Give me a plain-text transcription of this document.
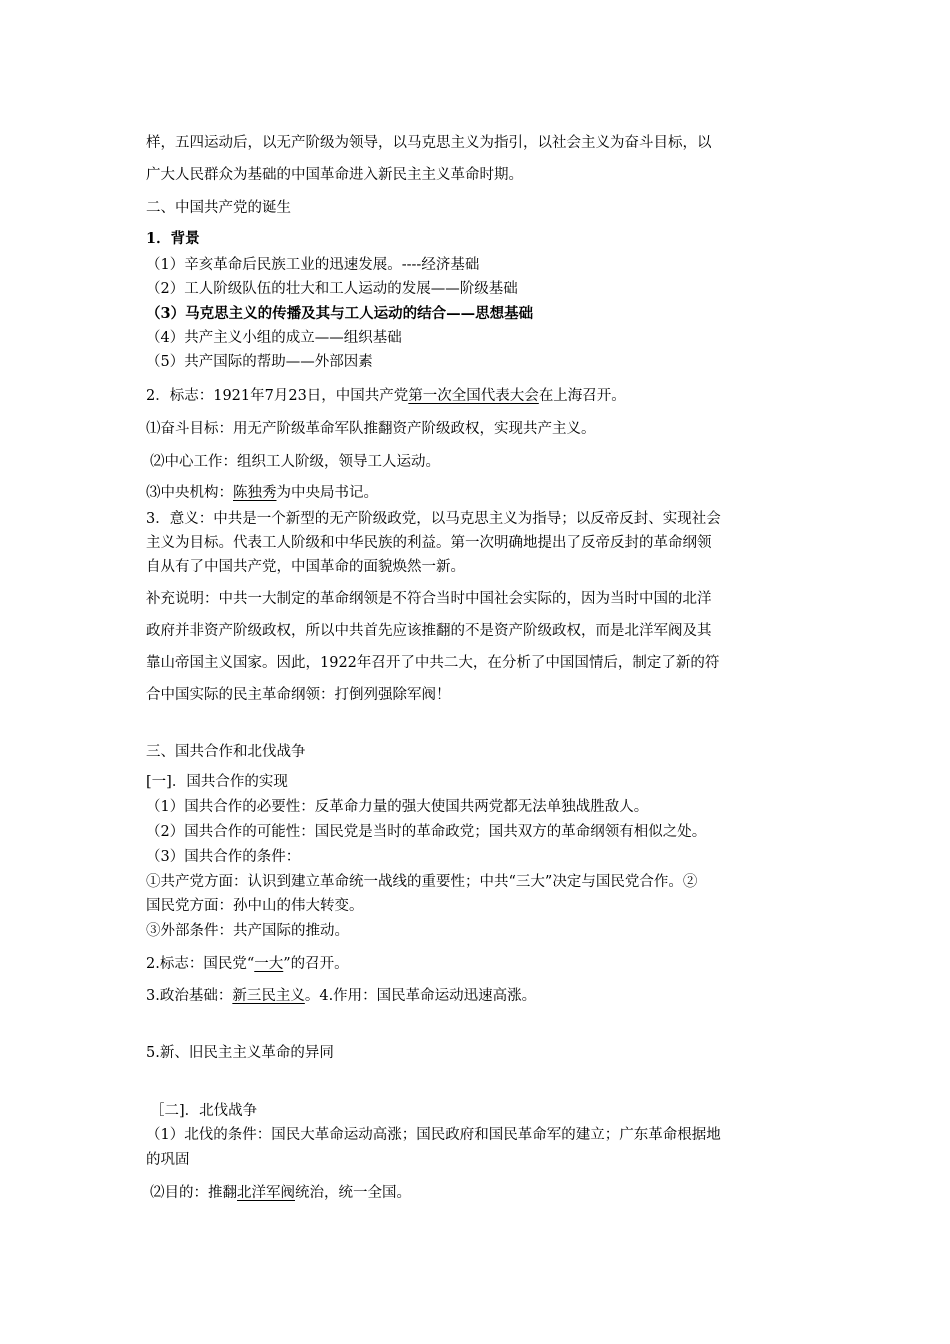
样，五四运动后，以无产阶级为领导，以马克思主义为指引，以社会主义为奋斗目标，以
广大人民群众为基础的中国革命进入新民主主义革命时期。
二、中国共产党的诞生
1．背景
（1）辛亥革命后民族工业的迅速发展。----经济基础
（2）工人阶级队伍的壮大和工人运动的发展——阶级基础
（3）马克思主义的传播及其与工人运动的结合——思想基础
（4）共产主义小组的成立——组织基础
（5）共产国际的帮助——外部因素
2．标志：1921年7月23日，中国共产党第一次全国代表大会在上海召开。
⑴奋斗目标：用无产阶级革命军队推翻资产阶级政权，实现共产主义。
⑵中心工作：组织工人阶级，领导工人运动。
⑶中央机构：陈独秀为中央局书记。
3．意义：中共是一个新型的无产阶级政党，以马克思主义为指导；以反帝反封、实现社会
主义为目标。代表工人阶级和中华民族的利益。第一次明确地提出了反帝反封的革命纲领
自从有了中国共产党，中国革命的面貌焕然一新。
补充说明：中共一大制定的革命纲领是不符合当时中国社会实际的，因为当时中国的北洋
政府并非资产阶级政权，所以中共首先应该推翻的不是资产阶级政权，而是北洋军阀及其
靠山帝国主义国家。因此，1922年召开了中共二大，在分析了中国国情后，制定了新的符
合中国实际的民主革命纲领：打倒列强除军阀！
三、国共合作和北伐战争
[一]．国共合作的实现
（1）国共合作的必要性：反革命力量的强大使国共两党都无法单独战胜敌人。
（2）国共合作的可能性：国民党是当时的革命政党；国共双方的革命纲领有相似之处。
（3）国共合作的条件：
①共产党方面：认识到建立革命统一战线的重要性；中共“三大”决定与国民党合作。②
国民党方面：孙中山的伟大转变。
③外部条件：共产国际的推动。
2.标志：国民党“一大”的召开。
3.政治基础：新三民主义。4.作用：国民革命运动迅速高涨。
5.新、旧民主主义革命的异同
［二]．北伐战争
（1）北伐的条件：国民大革命运动高涨；国民政府和国民革命军的建立；广东革命根据地
的巩固
⑵目的：推翻北洋军阀统治，统一全国。
